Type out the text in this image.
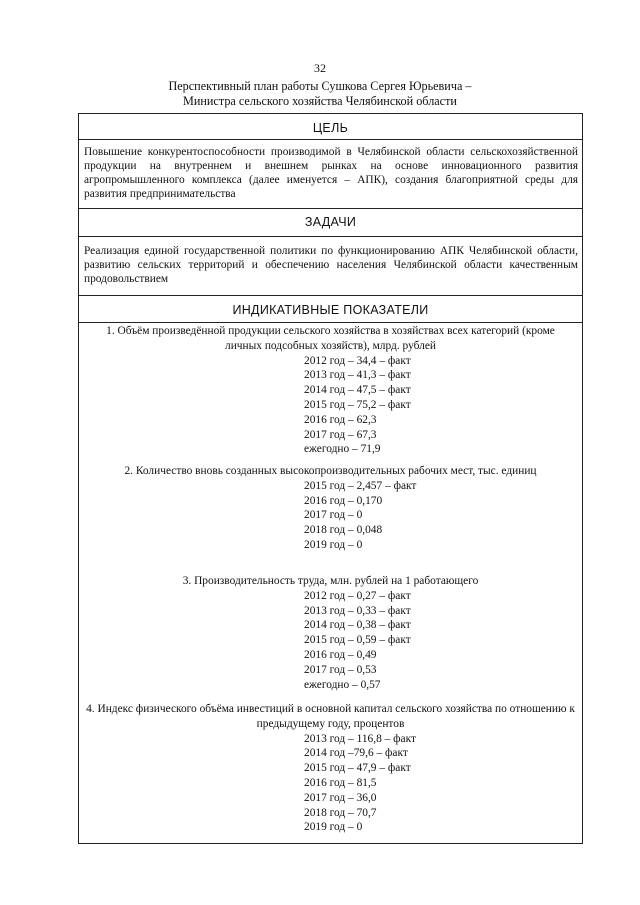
32
Перспективный план работы Сушкова Сергея Юрьевича –
Министра сельского хозяйства Челябинской области
ЦЕЛЬ
Повышение конкурентоспособности производимой в Челябинской области сельскохозяйственной продукции на внутреннем и внешнем рынках на основе инновационного развития агропромышленного комплекса (далее именуется – АПК), создания благоприятной среды для развития предпринимательства
ЗАДАЧИ
Реализация единой государственной политики по функционированию АПК Челябинской области, развитию сельских территорий и обеспечению населения Челябинской области качественным продовольствием
ИНДИКАТИВНЫЕ ПОКАЗАТЕЛИ
1. Объём произведённой продукции сельского хозяйства в хозяйствах всех категорий (кроме личных подсобных хозяйств), млрд. рублей
2012 год – 34,4 – факт
2013 год – 41,3 – факт
2014 год – 47,5 – факт
2015 год – 75,2 – факт
2016 год – 62,3
2017 год – 67,3
ежегодно – 71,9
2. Количество вновь созданных высокопроизводительных рабочих мест, тыс. единиц
2015 год – 2,457 – факт
2016 год – 0,170
2017 год – 0
2018 год – 0,048
2019 год – 0
3. Производительность труда, млн. рублей на 1 работающего
2012 год – 0,27 – факт
2013 год – 0,33 – факт
2014 год – 0,38 – факт
2015 год – 0,59 – факт
2016 год – 0,49
2017 год – 0,53
ежегодно – 0,57
4. Индекс физического объёма инвестиций в основной капитал сельского хозяйства по отношению к предыдущему году, процентов
2013 год – 116,8 – факт
2014 год –79,6 – факт
2015 год – 47,9 – факт
2016 год – 81,5
2017 год – 36,0
2018 год – 70,7
2019 год – 0
